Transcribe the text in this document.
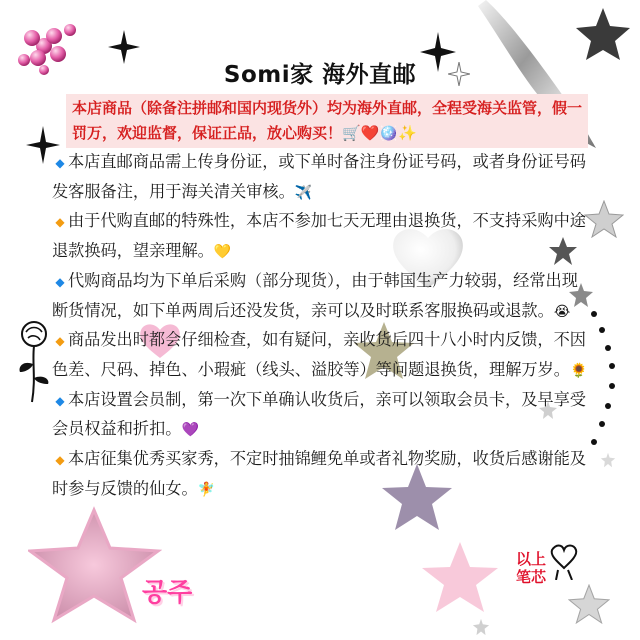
Somi家 海外直邮
本店商品（除备注拼邮和国内现货外）均为海外直邮，全程受海关监管，假一罚万，欢迎监督，保证正品，放心购买！🛒❤️🪩✨

◆ 本店直邮商品需上传身份证，或下单时备注身份证号码，或者身份证号码发客服备注，用于海关清关审核。✈️

◆ 由于代购直邮的特殊性，本店不参加七天无理由退换货，不支持采购中途退款换码，望亲理解。💛

◆ 代购商品均为下单后采购（部分现货），由于韩国生产力较弱，经常出现断货情况，如下单两周后还没发货，亲可以及时联系客服换码或退款。😭

◆ 商品发出时都会仔细检查，如有疑问，亲收货后四十八小时内反馈，不因色差、尺码、掉色、小瑕疵（线头、溢胶等）等问题退换货，理解万岁。🌻

◆ 本店设置会员制，第一次下单确认收货后，亲可以领取会员卡，及早享受会员权益和折扣。💜

◆ 本店征集优秀买家秀，不定时抽锦鲤免单或者礼物奖励，收货后感谢能及时参与反馈的仙女。🧚

以上
笔芯
공주
